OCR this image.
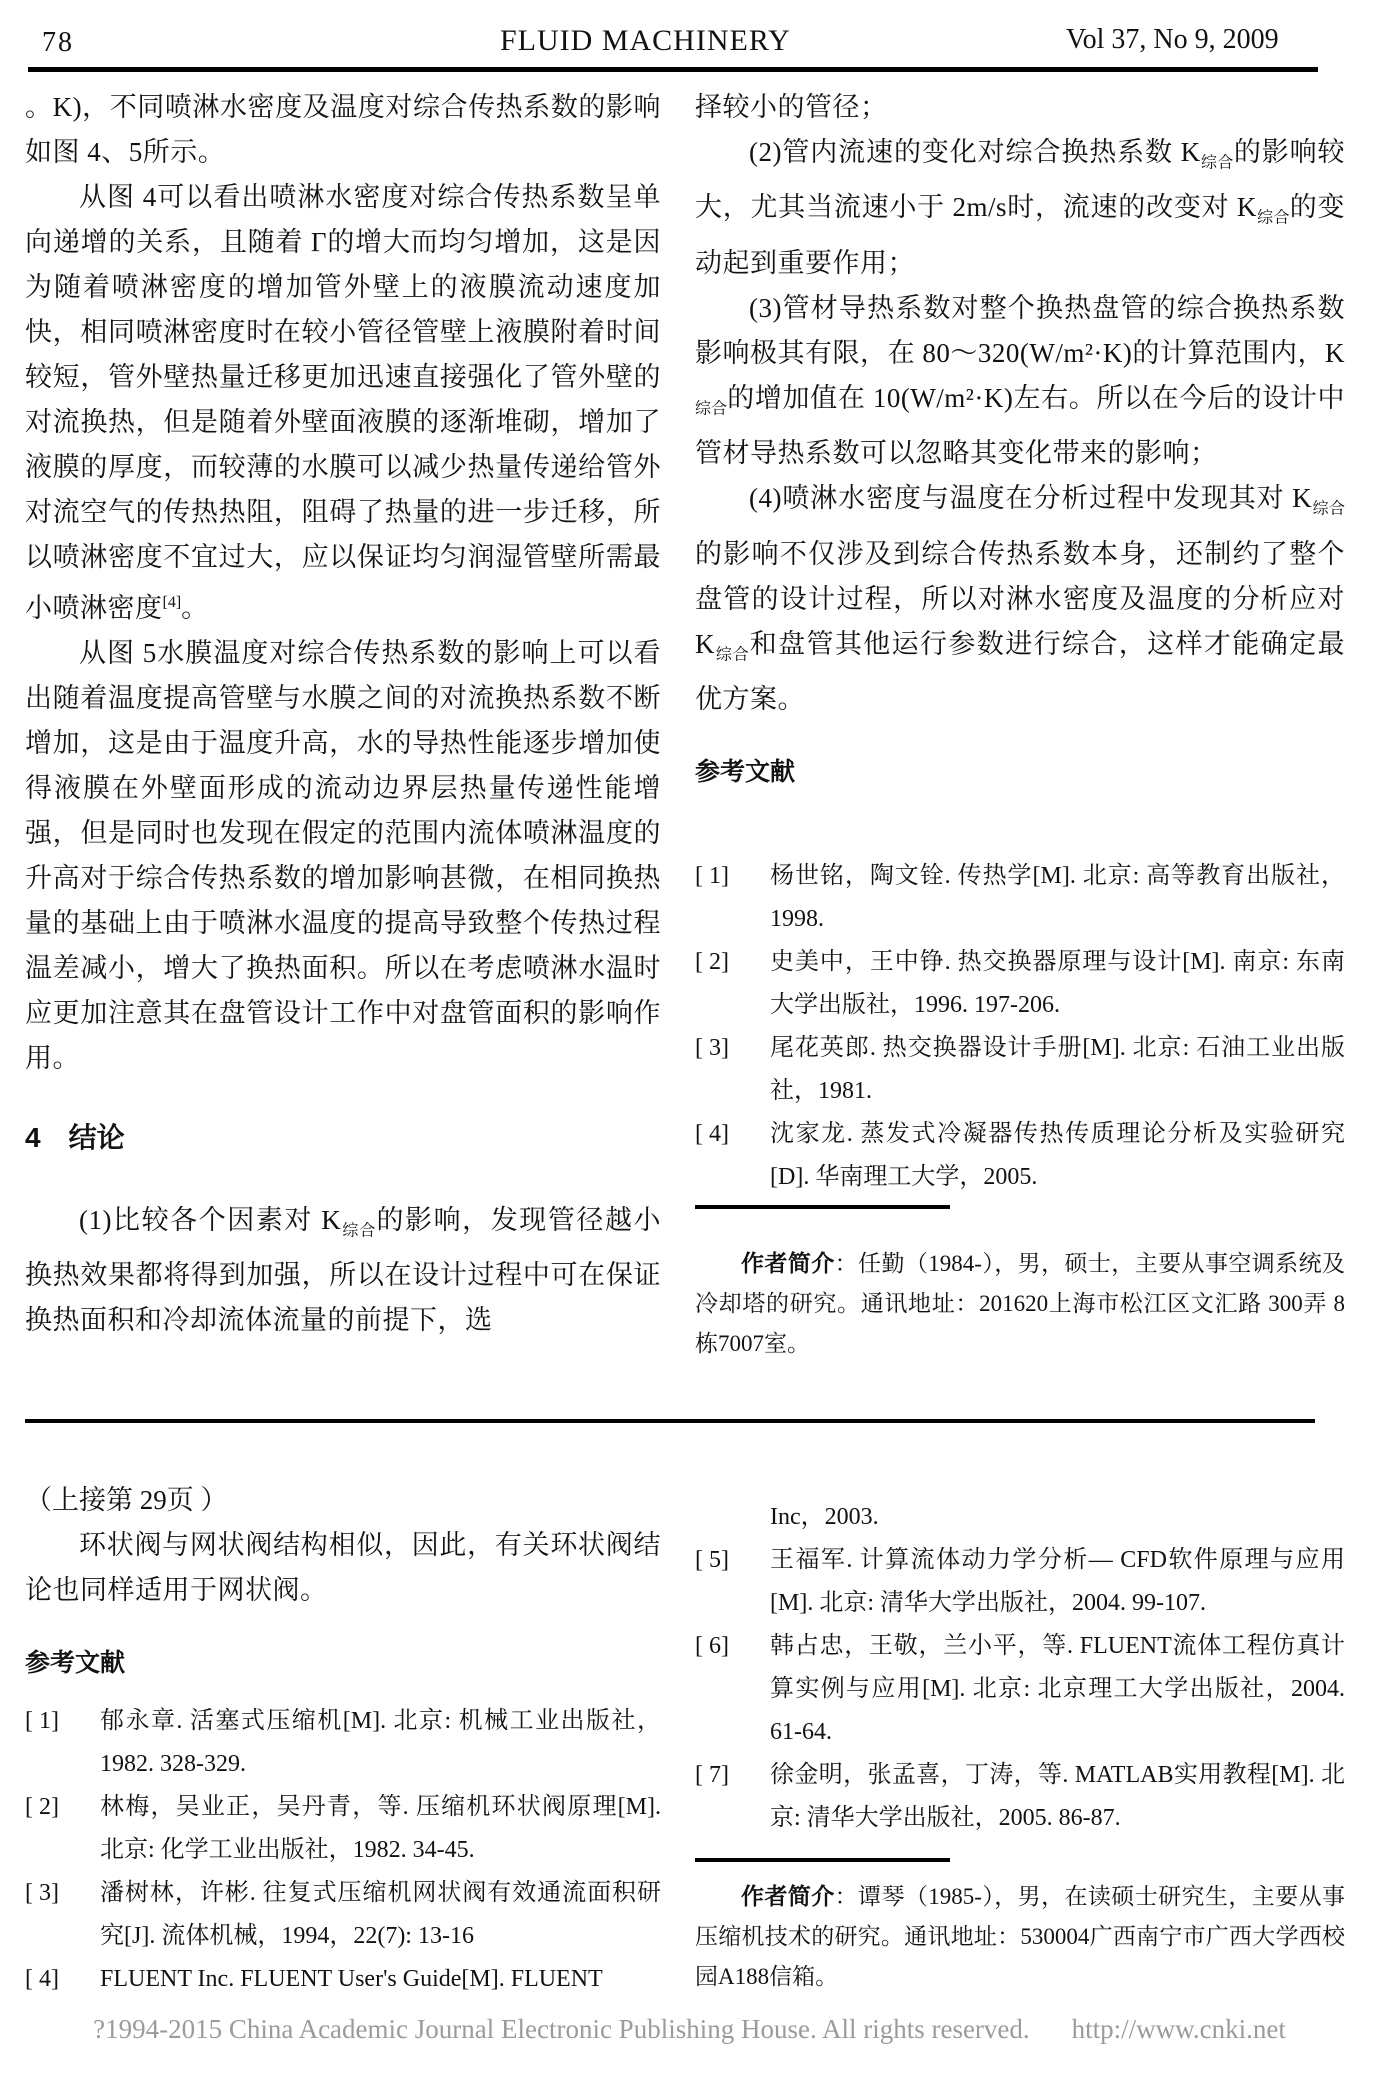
78	FLUID MACHINERY	Vol 37, No 9, 2009

。K)，不同喷淋水密度及温度对综合传热系数的影响如图 4、5所示。

从图 4可以看出喷淋水密度对综合传热系数呈单向递增的关系，且随着 Γ的增大而均匀增加，这是因为随着喷淋密度的增加管外壁上的液膜流动速度加快，相同喷淋密度时在较小管径管壁上液膜附着时间较短，管外壁热量迁移更加迅速直接强化了管外壁的对流换热，但是随着外壁面液膜的逐渐堆砌，增加了液膜的厚度，而较薄的水膜可以减少热量传递给管外对流空气的传热热阻，阻碍了热量的进一步迁移，所以喷淋密度不宜过大，应以保证均匀润湿管壁所需最小喷淋密度[4]。

从图 5水膜温度对综合传热系数的影响上可以看出随着温度提高管壁与水膜之间的对流换热系数不断增加，这是由于温度升高，水的导热性能逐步增加使得液膜在外壁面形成的流动边界层热量传递性能增强，但是同时也发现在假定的范围内流体喷淋温度的升高对于综合传热系数的增加影响甚微，在相同换热量的基础上由于喷淋水温度的提高导致整个传热过程温差减小，增大了换热面积。所以在考虑喷淋水温时应更加注意其在盘管设计工作中对盘管面积的影响作用。

4　结论

(1)比较各个因素对 $K_{综合}$的影响，发现管径越小换热效果都将得到加强，所以在设计过程中可在保证换热面积和冷却流体流量的前提下，选

择较小的管径；

(2)管内流速的变化对综合换热系数 $K_{综合}$的影响较大，尤其当流速小于 2m/s时，流速的改变对 $K_{综合}$的变动起到重要作用；

(3)管材导热系数对整个换热盘管的综合换热系数影响极其有限，在 80～320(W/m²·K)的计算范围内，$K_{综合}$的增加值在 10(W/m²·K)左右。所以在今后的设计中管材导热系数可以忽略其变化带来的影响；

(4)喷淋水密度与温度在分析过程中发现其对 $K_{综合}$的影响不仅涉及到综合传热系数本身，还制约了整个盘管的设计过程，所以对淋水密度及温度的分析应对 $K_{综合}$和盘管其他运行参数进行综合，这样才能确定最优方案。

参考文献
[ 1]	杨世铭，陶文铨. 传热学[M]. 北京: 高等教育出版社，1998.
[ 2]	史美中，王中铮. 热交换器原理与设计[M]. 南京: 东南大学出版社，1996. 197-206.
[ 3]	尾花英郎. 热交换器设计手册[M]. 北京: 石油工业出版社，1981.
[ 4]	沈家龙. 蒸发式冷凝器传热传质理论分析及实验研究[D]. 华南理工大学，2005.

作者简介：任勤（1984-），男，硕士，主要从事空调系统及冷却塔的研究。通讯地址：201620上海市松江区文汇路 300弄 8栋7007室。

（上接第 29页 ）

环状阀与网状阀结构相似，因此，有关环状阀结论也同样适用于网状阀。

参考文献
[ 1]	郁永章. 活塞式压缩机[M]. 北京: 机械工业出版社，1982. 328-329.
[ 2]	林梅，吴业正，吴丹青，等. 压缩机环状阀原理[M]. 北京: 化学工业出版社，1982. 34-45.
[ 3]	潘树林，许彬. 往复式压缩机网状阀有效通流面积研究[J]. 流体机械，1994，22(7): 13-16
[ 4]	FLUENT Inc. FLUENT User's Guide[M]. FLUENT
Inc，2003.
[ 5]	王福军. 计算流体动力学分析— CFD软件原理与应用[M]. 北京: 清华大学出版社，2004. 99-107.
[ 6]	韩占忠，王敬，兰小平，等. FLUENT流体工程仿真计算实例与应用[M]. 北京: 北京理工大学出版社，2004. 61-64.
[ 7]	徐金明，张孟喜，丁涛，等. MATLAB实用教程[M]. 北京: 清华大学出版社，2005. 86-87.

作者简介：谭琴（1985-），男，在读硕士研究生，主要从事压缩机技术的研究。通讯地址：530004广西南宁市广西大学西校园A188信箱。

?1994-2015 China Academic Journal Electronic Publishing House. All rights reserved. http://www.cnki.net
